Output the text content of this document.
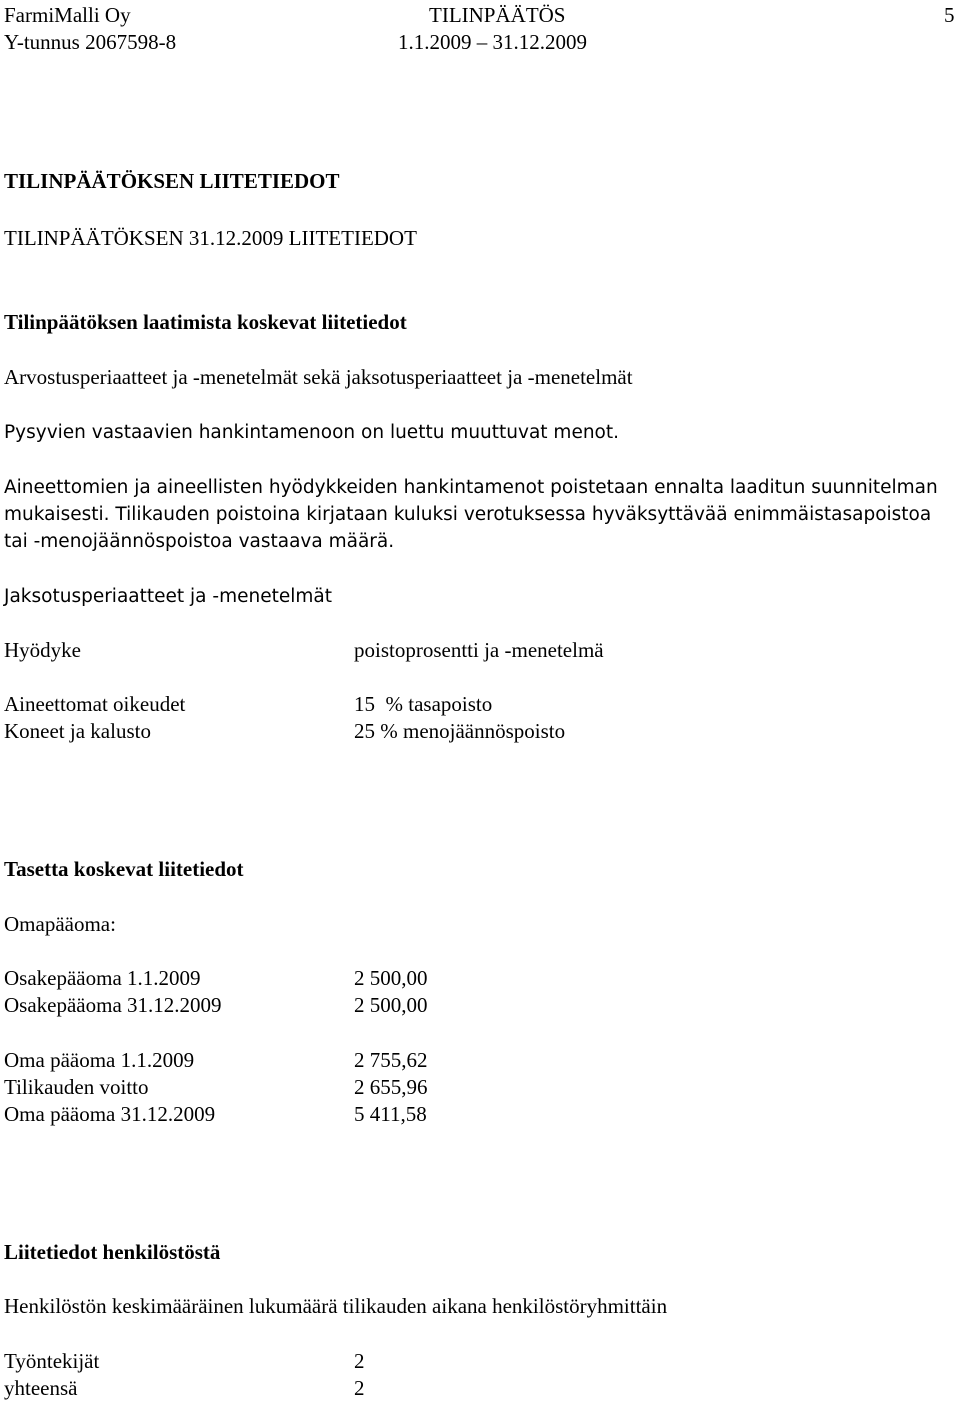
FarmiMalli Oy
Y-tunnus 2067598-8
TILINPÄÄTÖS
1.1.2009 – 31.12.2009
5
TILINPÄÄTÖKSEN LIITETIEDOT
TILINPÄÄTÖKSEN 31.12.2009 LIITETIEDOT
Tilinpäätöksen laatimista koskevat liitetiedot
Arvostusperiaatteet ja -menetelmät sekä jaksotusperiaatteet ja -menetelmät
Pysyvien vastaavien hankintamenoon on luettu muuttuvat menot.
Aineettomien ja aineellisten hyödykkeiden hankintamenot poistetaan ennalta laaditun suunnitelman
mukaisesti. Tilikauden poistoina kirjataan kuluksi verotuksessa hyväksyttävää enimmäistasapoistoa
tai -menojäännöspoistoa vastaava määrä.
Jaksotusperiaatteet ja -menetelmät
Hyödyke	poistoprosentti ja -menetelmä
Aineettomat oikeudet	15  % tasapoisto
Koneet ja kalusto	25 % menojäännöspoisto
Tasetta koskevat liitetiedot
Omapääoma:
Osakepääoma 1.1.2009	2 500,00
Osakepääoma 31.12.2009	2 500,00
Oma pääoma 1.1.2009	2 755,62
Tilikauden voitto	2 655,96
Oma pääoma 31.12.2009	5 411,58
Liitetiedot henkilöstöstä
Henkilöstön keskimääräinen lukumäärä tilikauden aikana henkilöstöryhmittäin
Työntekijät	2
yhteensä	2
